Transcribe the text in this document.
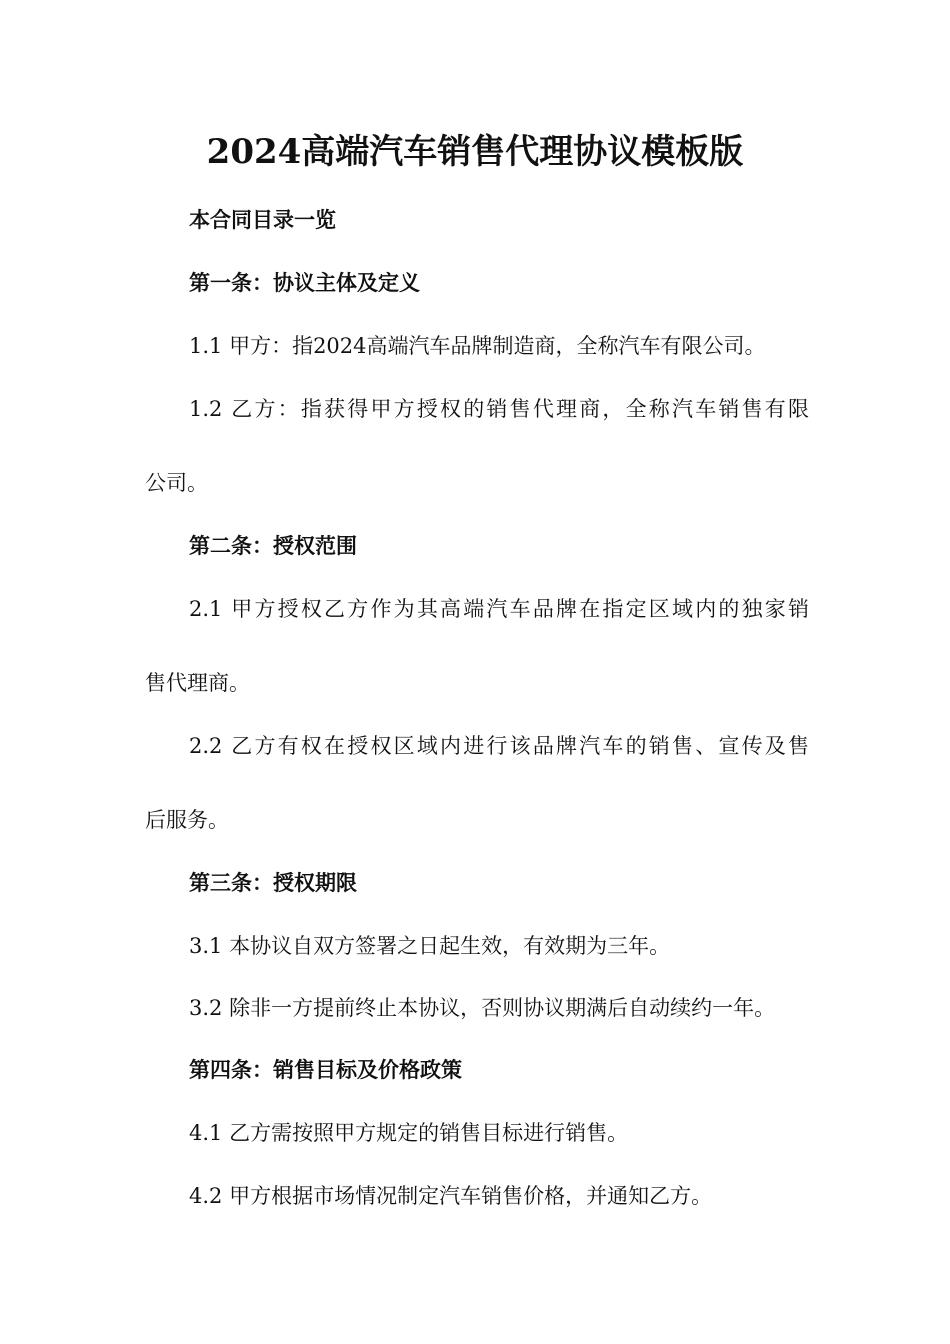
2024高端汽车销售代理协议模板版
本合同目录一览
第一条：协议主体及定义
1.1 甲方：指2024高端汽车品牌制造商，全称汽车有限公司。
1.2 乙方：指获得甲方授权的销售代理商，全称汽车销售有限
公司。
第二条：授权范围
2.1 甲方授权乙方作为其高端汽车品牌在指定区域内的独家销
售代理商。
2.2 乙方有权在授权区域内进行该品牌汽车的销售、宣传及售
后服务。
第三条：授权期限
3.1 本协议自双方签署之日起生效，有效期为三年。
3.2 除非一方提前终止本协议，否则协议期满后自动续约一年。
第四条：销售目标及价格政策
4.1 乙方需按照甲方规定的销售目标进行销售。
4.2 甲方根据市场情况制定汽车销售价格，并通知乙方。
